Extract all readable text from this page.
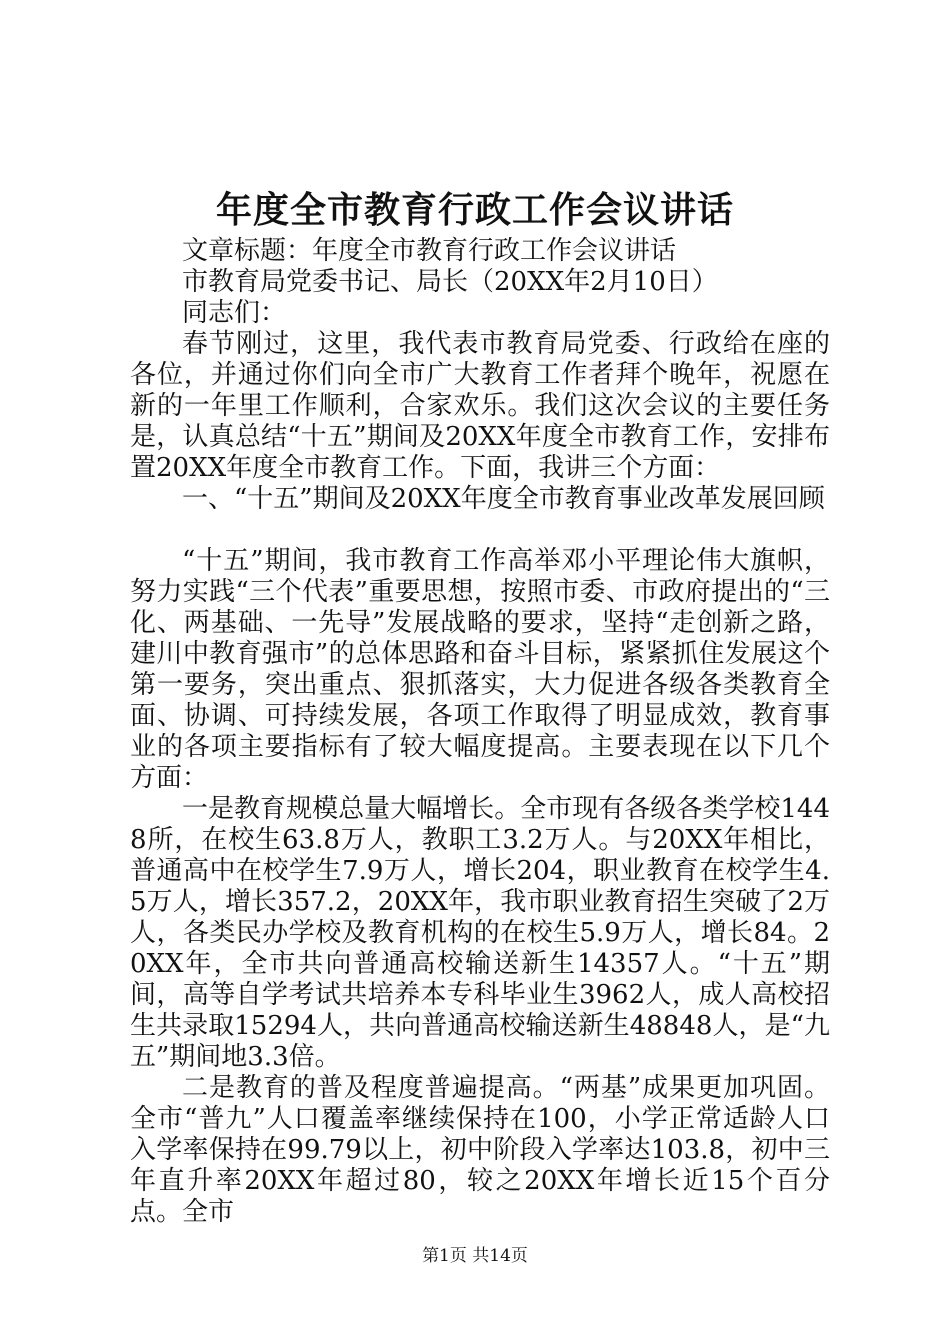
年度全市教育行政工作会议讲话

文章标题：年度全市教育行政工作会议讲话

市教育局党委书记、局长（20XX年2月10日）

同志们：

春节刚过，这里，我代表市教育局党委、行政给在座的各位，并通过你们向全市广大教育工作者拜个晚年，祝愿在新的一年里工作顺利，合家欢乐。我们这次会议的主要任务是，认真总结“十五”期间及20XX年度全市教育工作，安排布置20XX年度全市教育工作。下面，我讲三个方面：

一、“十五”期间及20XX年度全市教育事业改革发展回顾

“十五”期间，我市教育工作高举邓小平理论伟大旗帜，努力实践“三个代表”重要思想，按照市委、市政府提出的“三化、两基础、一先导”发展战略的要求，坚持“走创新之路，建川中教育强市”的总体思路和奋斗目标，紧紧抓住发展这个第一要务，突出重点、狠抓落实，大力促进各级各类教育全面、协调、可持续发展，各项工作取得了明显成效，教育事业的各项主要指标有了较大幅度提高。主要表现在以下几个方面：

一是教育规模总量大幅增长。全市现有各级各类学校1448所，在校生63.8万人，教职工3.2万人。与20XX年相比，普通高中在校学生7.9万人，增长204，职业教育在校学生4.5万人，增长357.2，20XX年，我市职业教育招生突破了2万人，各类民办学校及教育机构的在校生5.9万人，增长84。20XX年，全市共向普通高校输送新生14357人。“十五”期间，高等自学考试共培养本专科毕业生3962人，成人高校招生共录取15294人，共向普通高校输送新生48848人，是“九五”期间地3.3倍。

二是教育的普及程度普遍提高。“两基”成果更加巩固。全市“普九”人口覆盖率继续保持在100，小学正常适龄人口入学率保持在99.79以上，初中阶段入学率达103.8，初中三年直升率20XX年超过80，较之20XX年增长近15个百分点。全市

第1页 共14页
